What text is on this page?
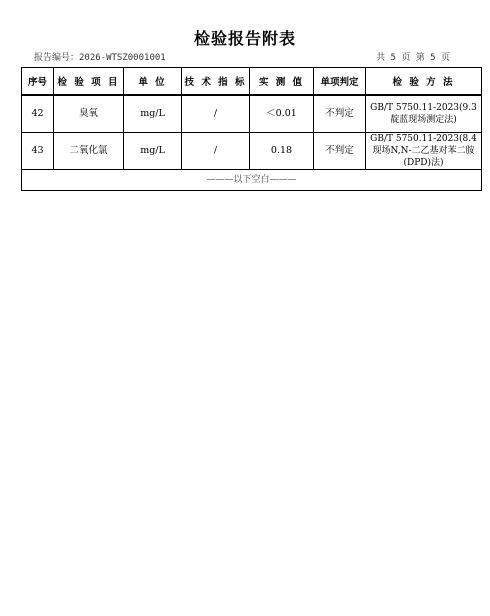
检验报告附表
报告编号：2026-WTSZ0001001	共 5 页 第 5 页
序号	检 验 项 目	单 位	技 术 指 标	实 测 值	单项判定	检 验 方 法
42	臭氧	mg/L	/	＜0.01	不判定	GB/T 5750.11-2023(9.3靛蓝现场测定法)
43	二氧化氯	mg/L	/	0.18	不判定	GB/T 5750.11-2023(8.4现场N,N-二乙基对苯二胺(DPD)法)
———以下空白———						
